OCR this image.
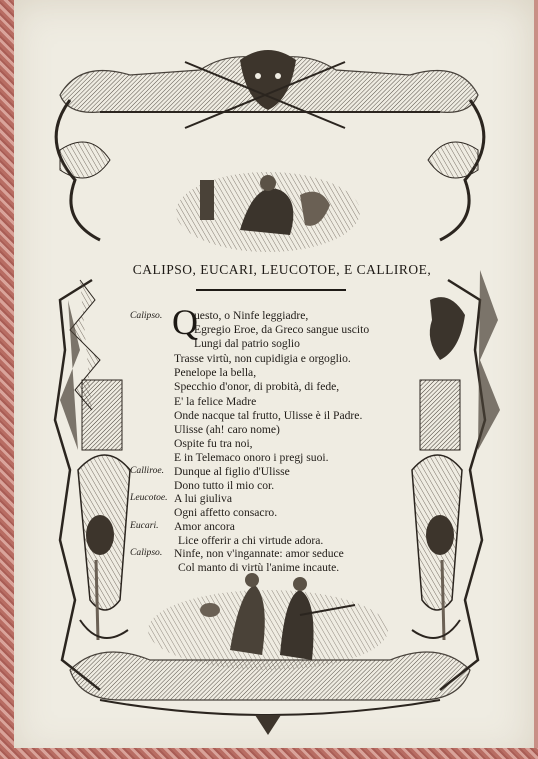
CALIPSO, EUCARI, LEUCOTOE, E CALLIROE,
Q
Calipso.
Calliroe.
Leucotoe.
Eucari.
Calipso.
uesto, o Ninfe leggiadre,
Egregio Eroe, da Greco sangue uscito
Lungi dal patrio soglio
Trasse virtù, non cupidigia e orgoglio.
Penelope la bella,
Specchio d'onor, di probità, di fede,
E' la felice Madre
Onde nacque tal frutto, Ulisse è il Padre.
Ulisse (ah! caro nome)
Ospite fu tra noi,
E in Telemaco onoro i pregj suoi.
Dunque al figlio d'Ulisse
Dono tutto il mio cor.
A lui giuliva
Ogni affetto consacro.
Amor ancora
Lice offerir a chi virtude adora.
Ninfe, non v'ingannate: amor seduce
Col manto di virtù l'anime incaute.
